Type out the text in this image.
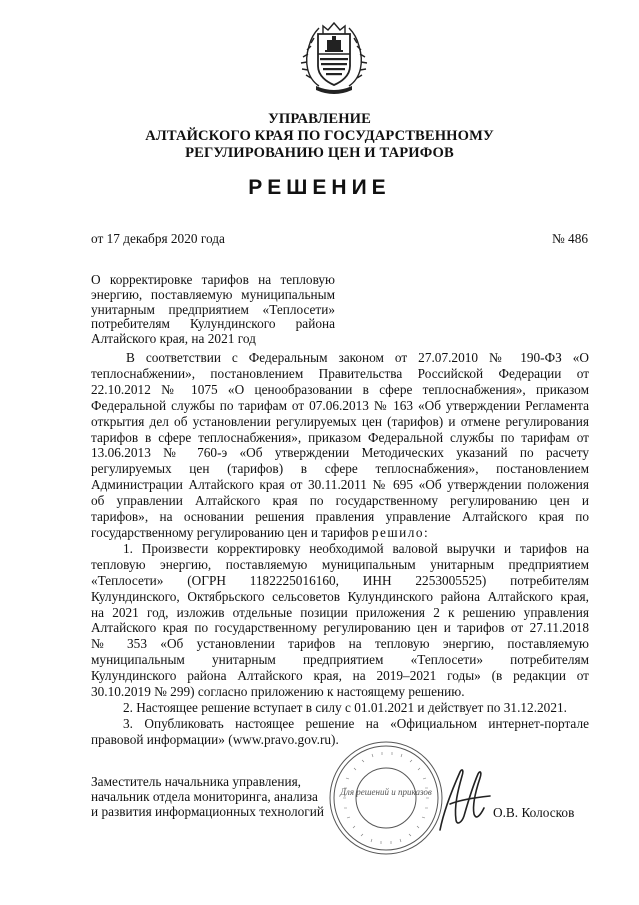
УПРАВЛЕНИЕ
АЛТАЙСКОГО КРАЯ ПО ГОСУДАРСТВЕННОМУ
РЕГУЛИРОВАНИЮ ЦЕН И ТАРИФОВ
РЕШЕНИЕ
от 17 декабря 2020 года	№ 486
О корректировке тарифов на тепловую
энергию, поставляемую муниципальным
унитарным предприятием «Теплосети»
потребителям Кулундинского района
Алтайского края, на 2021 год
В соответствии с Федеральным законом от 27.07.2010 № 190-ФЗ «О
теплоснабжении», постановлением Правительства Российской Федерации от
22.10.2012 № 1075 «О ценообразовании в сфере теплоснабжения», приказом
Федеральной службы по тарифам от 07.06.2013 № 163 «Об утверждении Регламента
открытия дел об установлении регулируемых цен (тарифов) и отмене регулирования
тарифов в сфере теплоснабжения», приказом Федеральной службы по тарифам от
13.06.2013 № 760-э «Об утверждении Методических указаний по расчету
регулируемых цен (тарифов) в сфере теплоснабжения», постановлением
Администрации Алтайского края от 30.11.2011 № 695 «Об утверждении положения
об управлении Алтайского края по государственному регулированию цен и
тарифов», на основании решения правления управление Алтайского края по
государственному регулированию цен и тарифов решило:
1. Произвести корректировку необходимой валовой выручки и тарифов на
тепловую энергию, поставляемую муниципальным унитарным предприятием
«Теплосети» (ОГРН 1182225016160, ИНН 2253005525) потребителям
Кулундинского, Октябрьского сельсоветов Кулундинского района Алтайского края,
на 2021 год, изложив отдельные позиции приложения 2 к решению управления
Алтайского края по государственному регулированию цен и тарифов от 27.11.2018
№ 353 «Об установлении тарифов на тепловую энергию, поставляемую
муниципальным унитарным предприятием «Теплосети» потребителям
Кулундинского района Алтайского края, на 2019–2021 годы» (в редакции от
30.10.2019 № 299) согласно приложению к настоящему решению.
2. Настоящее решение вступает в силу с 01.01.2021 и действует по 31.12.2021.
3. Опубликовать настоящее решение на «Официальном интернет-портале
правовой информации» (www.pravo.gov.ru).
Заместитель начальника управления,
начальник отдела мониторинга, анализа
и развития информационных технологий
Для решений и приказов
О.В. Колосков
